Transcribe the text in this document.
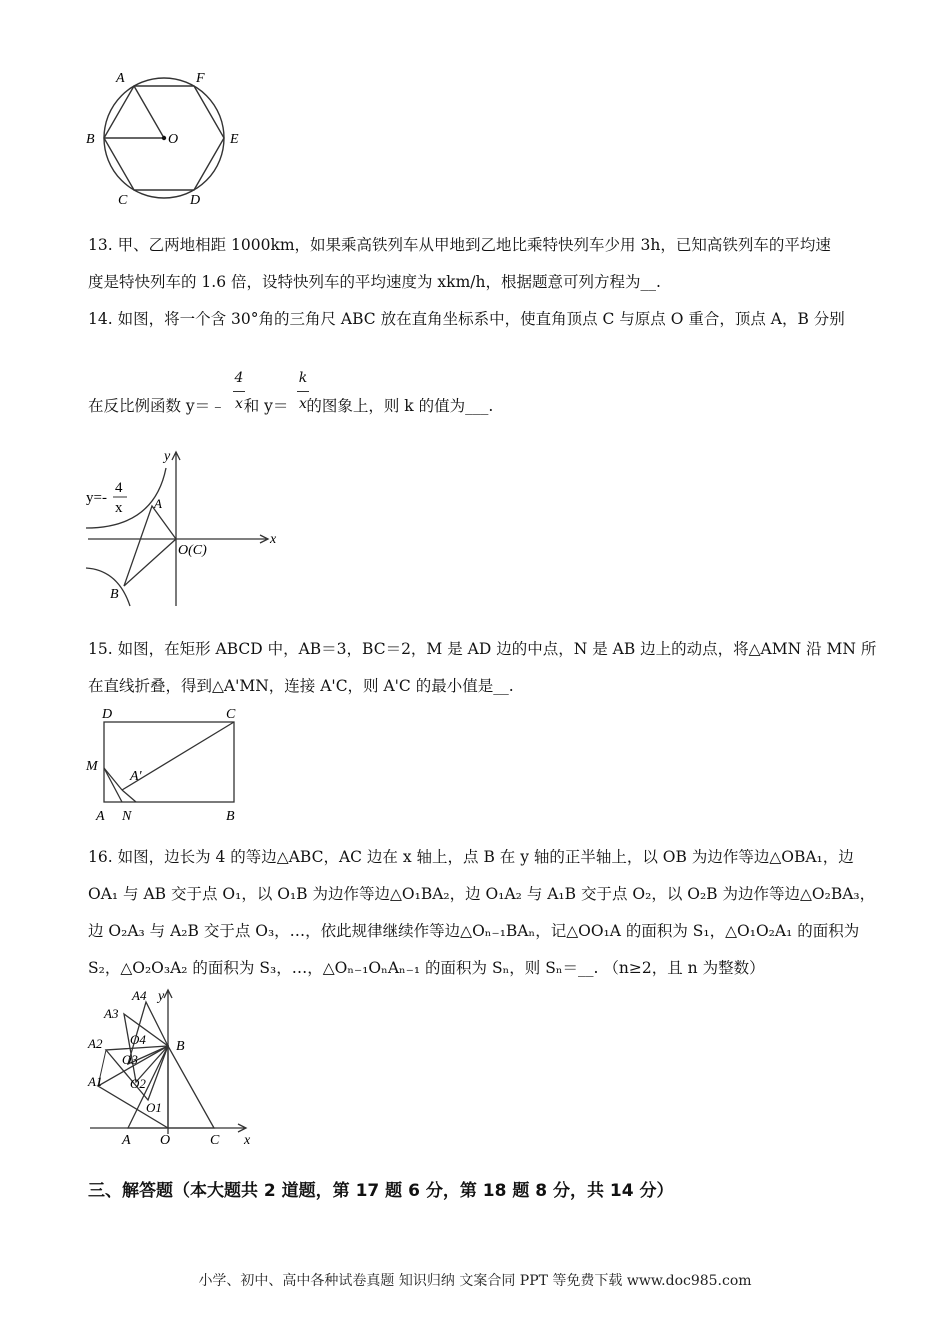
A	F
B	O	E
C	D
13. 甲、乙两地相距 1000km，如果乘高铁列车从甲地到乙地比乘特快列车少用 3h，已知高铁列车的平均速
度是特快列车的 1.6 倍，设特快列车的平均速度为 xkm/h，根据题意可列方程为__.
14. 如图，将一个含 30°角的三角尺 ABC 放在直角坐标系中，使直角顶点 C 与原点 O 重合，顶点 A，B 分别
在反比例函数 y＝﹣ 和 y＝ 的图象上，则 k 的值为___.
4
x
k
x
y
x
A
B
O(C)
y=-
4
x
15. 如图，在矩形 ABCD 中，AB＝3，BC＝2，M 是 AD 边的中点，N 是 AB 边上的动点，将△AMN 沿 MN 所
在直线折叠，得到△A'MN，连接 A'C，则 A'C 的最小值是__.
D	C
M
A'
A N	B
16. 如图，边长为 4 的等边△ABC，AC 边在 x 轴上，点 B 在 y 轴的正半轴上，以 OB 为边作等边△OBA₁，边
OA₁ 与 AB 交于点 O₁，以 O₁B 为边作等边△O₁BA₂，边 O₁A₂ 与 A₁B 交于点 O₂，以 O₂B 为边作等边△O₂BA₃，
边 O₂A₃ 与 A₂B 交于点 O₃，…，依此规律继续作等边△Oₙ₋₁BAₙ，记△OO₁A 的面积为 S₁，△O₁O₂A₁ 的面积为
S₂，△O₂O₃A₂ 的面积为 S₃，…，△Oₙ₋₁OₙAₙ₋₁ 的面积为 Sₙ，则 Sₙ＝__. （n≥2，且 n 为整数）
A4 y
A3
O4
A2	B
O3
O2
A1
O1
A O	C x
三、解答题（本大题共 2 道题，第 17 题 6 分，第 18 题 8 分，共 14 分）
小学、初中、高中各种试卷真题 知识归纳 文案合同 PPT 等免费下载 www.doc985.com
